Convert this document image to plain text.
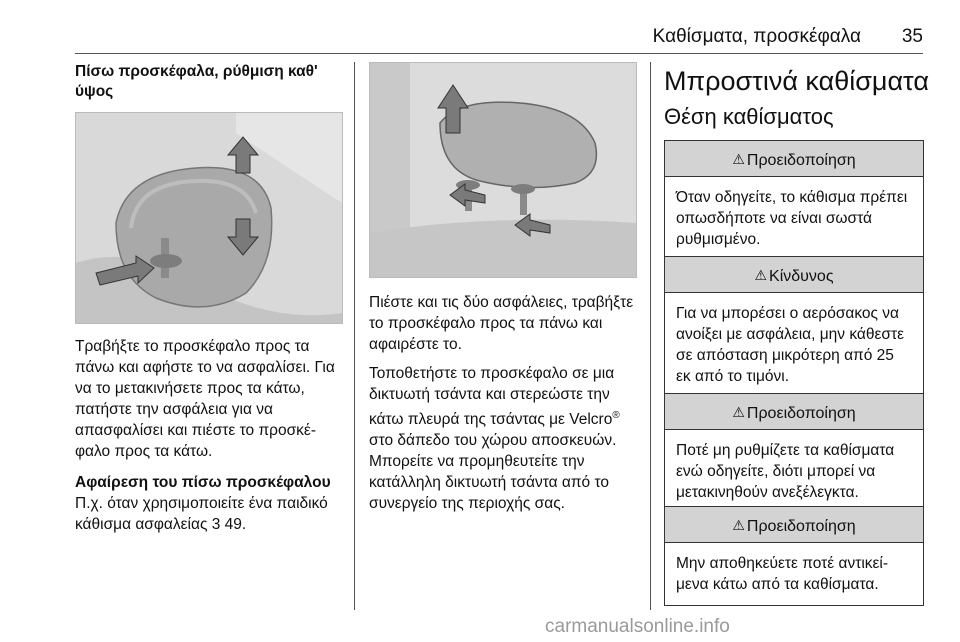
Καθίσματα, προσκέφαλα 35
Πίσω προσκέφαλα, ρύθμιση καθ' ύψος

Τραβήξτε το προσκέφαλο προς τα πάνω και αφήστε το να ασφαλίσει. Για να το μετακινήσετε προς τα κάτω, πατήστε την ασφάλεια για να απασφαλίσει και πιέστε το προσκέφαλο προς τα κάτω.

Αφαίρεση του πίσω προσκέφαλου
Π.χ. όταν χρησιμοποιείτε ένα παιδικό κάθισμα ασφαλείας 3 49.

Πιέστε και τις δύο ασφάλειες, τραβήξτε το προσκέφαλο προς τα πάνω και αφαιρέστε το.

Τοποθετήστε το προσκέφαλο σε μια δικτυωτή τσάντα και στερεώστε την κάτω πλευρά της τσάντας με Velcro® στο δάπεδο του χώρου αποσκευών. Μπορείτε να προμηθευτείτε την κατάλληλη δικτυωτή τσάντα από το συνεργείο της περιοχής σας.

Μπροστινά καθίσματα
Θέση καθίσματος
⚠ Προειδοποίηση
Όταν οδηγείτε, το κάθισμα πρέπει οπωσδήποτε να είναι σωστά ρυθμισμένο.
⚠ Κίνδυνος
Για να μπορέσει ο αερόσακος να ανοίξει με ασφάλεια, μην κάθεστε σε απόσταση μικρότερη από 25 εκ από το τιμόνι.
⚠ Προειδοποίηση
Ποτέ μη ρυθμίζετε τα καθίσματα ενώ οδηγείτε, διότι μπορεί να μετακινηθούν ανεξέλεγκτα.
⚠ Προειδοποίηση
Μην αποθηκεύετε ποτέ αντικείμενα κάτω από τα καθίσματα.
carmanualsonline.info
